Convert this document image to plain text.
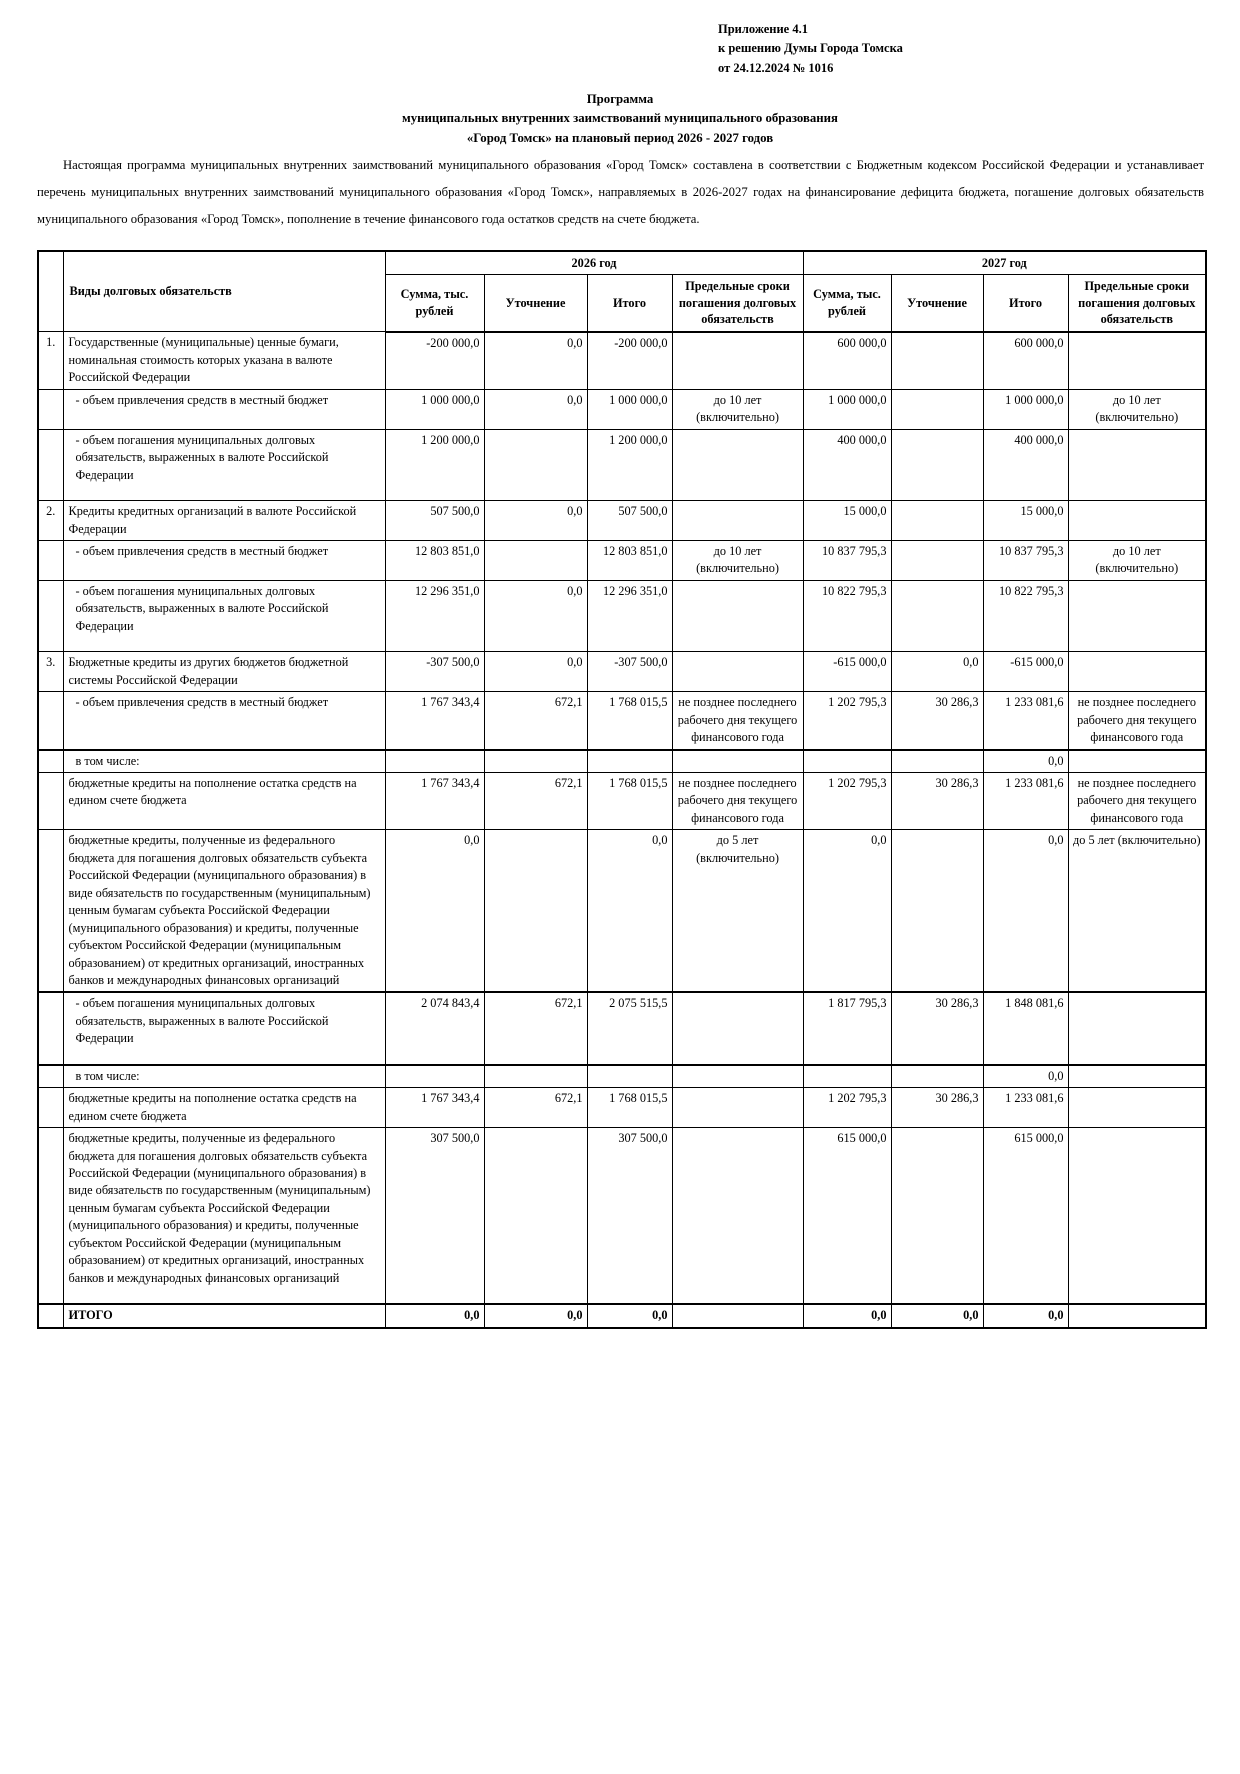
Приложение 4.1
к решению Думы Города Томска
от 24.12.2024 № 1016
Программа
муниципальных внутренних заимствований муниципального образования
«Город Томск» на плановый период 2026 - 2027 годов

Настоящая программа муниципальных внутренних заимствований муниципального образования «Город Томск» составлена в соответствии с Бюджетным кодексом Российской Федерации и устанавливает перечень муниципальных внутренних заимствований муниципального образования «Город Томск», направляемых в 2026-2027 годах на финансирование дефицита бюджета, погашение долговых обязательств муниципального образования «Город Томск», пополнение в течение финансового года остатков средств на счете бюджета.

	Виды долговых обязательств	2026 год				2027 год			
		Сумма, тыс. рублей	Уточнение	Итого	Предельные сроки погашения долговых обязательств	Сумма, тыс. рублей	Уточнение	Итого	Предельные сроки погашения долговых обязательств
1.	Государственные (муниципальные) ценные бумаги, номинальная стоимость которых указана в валюте Российской Федерации	-200 000,0	0,0	-200 000,0		600 000,0		600 000,0	
	- объем привлечения средств в местный бюджет	1 000 000,0	0,0	1 000 000,0	до 10 лет (включительно)	1 000 000,0		1 000 000,0	до 10 лет (включительно)
	- объем погашения муниципальных долговых обязательств, выраженных в валюте Российской Федерации	1 200 000,0		1 200 000,0		400 000,0		400 000,0	
2.	Кредиты кредитных организаций в валюте Российской Федерации	507 500,0	0,0	507 500,0		15 000,0		15 000,0	
	- объем привлечения средств в местный бюджет	12 803 851,0		12 803 851,0	до 10 лет (включительно)	10 837 795,3		10 837 795,3	до 10 лет (включительно)
	- объем погашения муниципальных долговых обязательств, выраженных в валюте Российской Федерации	12 296 351,0	0,0	12 296 351,0		10 822 795,3		10 822 795,3	
3.	Бюджетные кредиты из других бюджетов бюджетной системы Российской Федерации	-307 500,0	0,0	-307 500,0		-615 000,0	0,0	-615 000,0	
	- объем привлечения средств в местный бюджет	1 767 343,4	672,1	1 768 015,5	не позднее последнего рабочего дня текущего финансового года	1 202 795,3	30 286,3	1 233 081,6	не позднее последнего рабочего дня текущего финансового года
	в том числе:							0,0	
	бюджетные кредиты на пополнение остатка средств на едином счете бюджета	1 767 343,4	672,1	1 768 015,5	не позднее последнего рабочего дня текущего финансового года	1 202 795,3	30 286,3	1 233 081,6	не позднее последнего рабочего дня текущего финансового года
	бюджетные кредиты, полученные из федерального бюджета для погашения долговых обязательств субъекта Российской Федерации (муниципального образования) в виде обязательств по государственным (муниципальным) ценным бумагам субъекта Российской Федерации (муниципального образования) и кредиты, полученные субъектом Российской Федерации (муниципальным образованием) от кредитных организаций, иностранных банков и международных финансовых организаций	0,0		0,0	до 5 лет (включительно)	0,0		0,0	до 5 лет (включительно)
	- объем погашения муниципальных долговых обязательств, выраженных в валюте Российской Федерации	2 074 843,4	672,1	2 075 515,5		1 817 795,3	30 286,3	1 848 081,6	
	в том числе:							0,0	
	бюджетные кредиты на пополнение остатка средств на едином счете бюджета	1 767 343,4	672,1	1 768 015,5		1 202 795,3	30 286,3	1 233 081,6	
	бюджетные кредиты, полученные из федерального бюджета для погашения долговых обязательств субъекта Российской Федерации (муниципального образования) в виде обязательств по государственным (муниципальным) ценным бумагам субъекта Российской Федерации (муниципального образования) и кредиты, полученные субъектом Российской Федерации (муниципальным образованием) от кредитных организаций, иностранных банков и международных финансовых организаций	307 500,0		307 500,0		615 000,0		615 000,0	
	ИТОГО	0,0	0,0	0,0		0,0	0,0	0,0	
